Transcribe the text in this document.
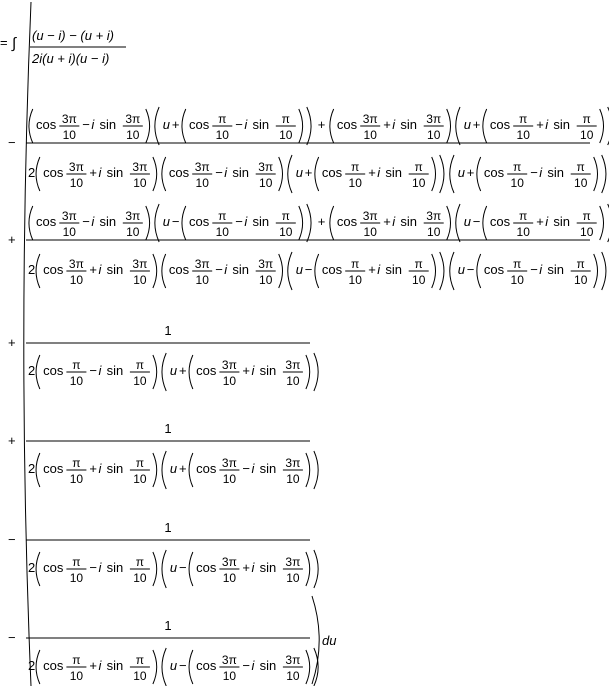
= ∫ (u − i) − (u + i)
2i(u + i)(u − i)
−
cos 3π
10
− i sin 3π
10
u + cos π
10
− i sin π
10
+ cos 3π
10
+ i sin 3π
10
u + cos π
10
+ i sin π
10
2 cos 3π
10
+ i sin 3π
10
cos 3π
10
− i sin 3π
10
u + cos π
10
+ i sin π
10
u + cos π
10
− i sin π
10
+
cos 3π
10
− i sin 3π
10
u − cos π
10
− i sin π
10
+ cos 3π
10
+ i sin 3π
10
u − cos π
10
+ i sin π
10
2 cos 3π
10
+ i sin 3π
10
cos 3π
10
− i sin 3π
10
u − cos π
10
+ i sin π
10
u − cos π
10
− i sin π
10
+
1
2 cos π
10
− i sin π
10
u + cos 3π
10
+ i sin 3π
10
+
1
2 cos π
10
+ i sin π
10
u + cos 3π
10
− i sin 3π
10
−
1
2 cos π
10
− i sin π
10
u − cos 3π
10
+ i sin 3π
10
−
1
2 cos π
10
+ i sin π
10
u − cos 3π
10
− i sin 3π
10
du
